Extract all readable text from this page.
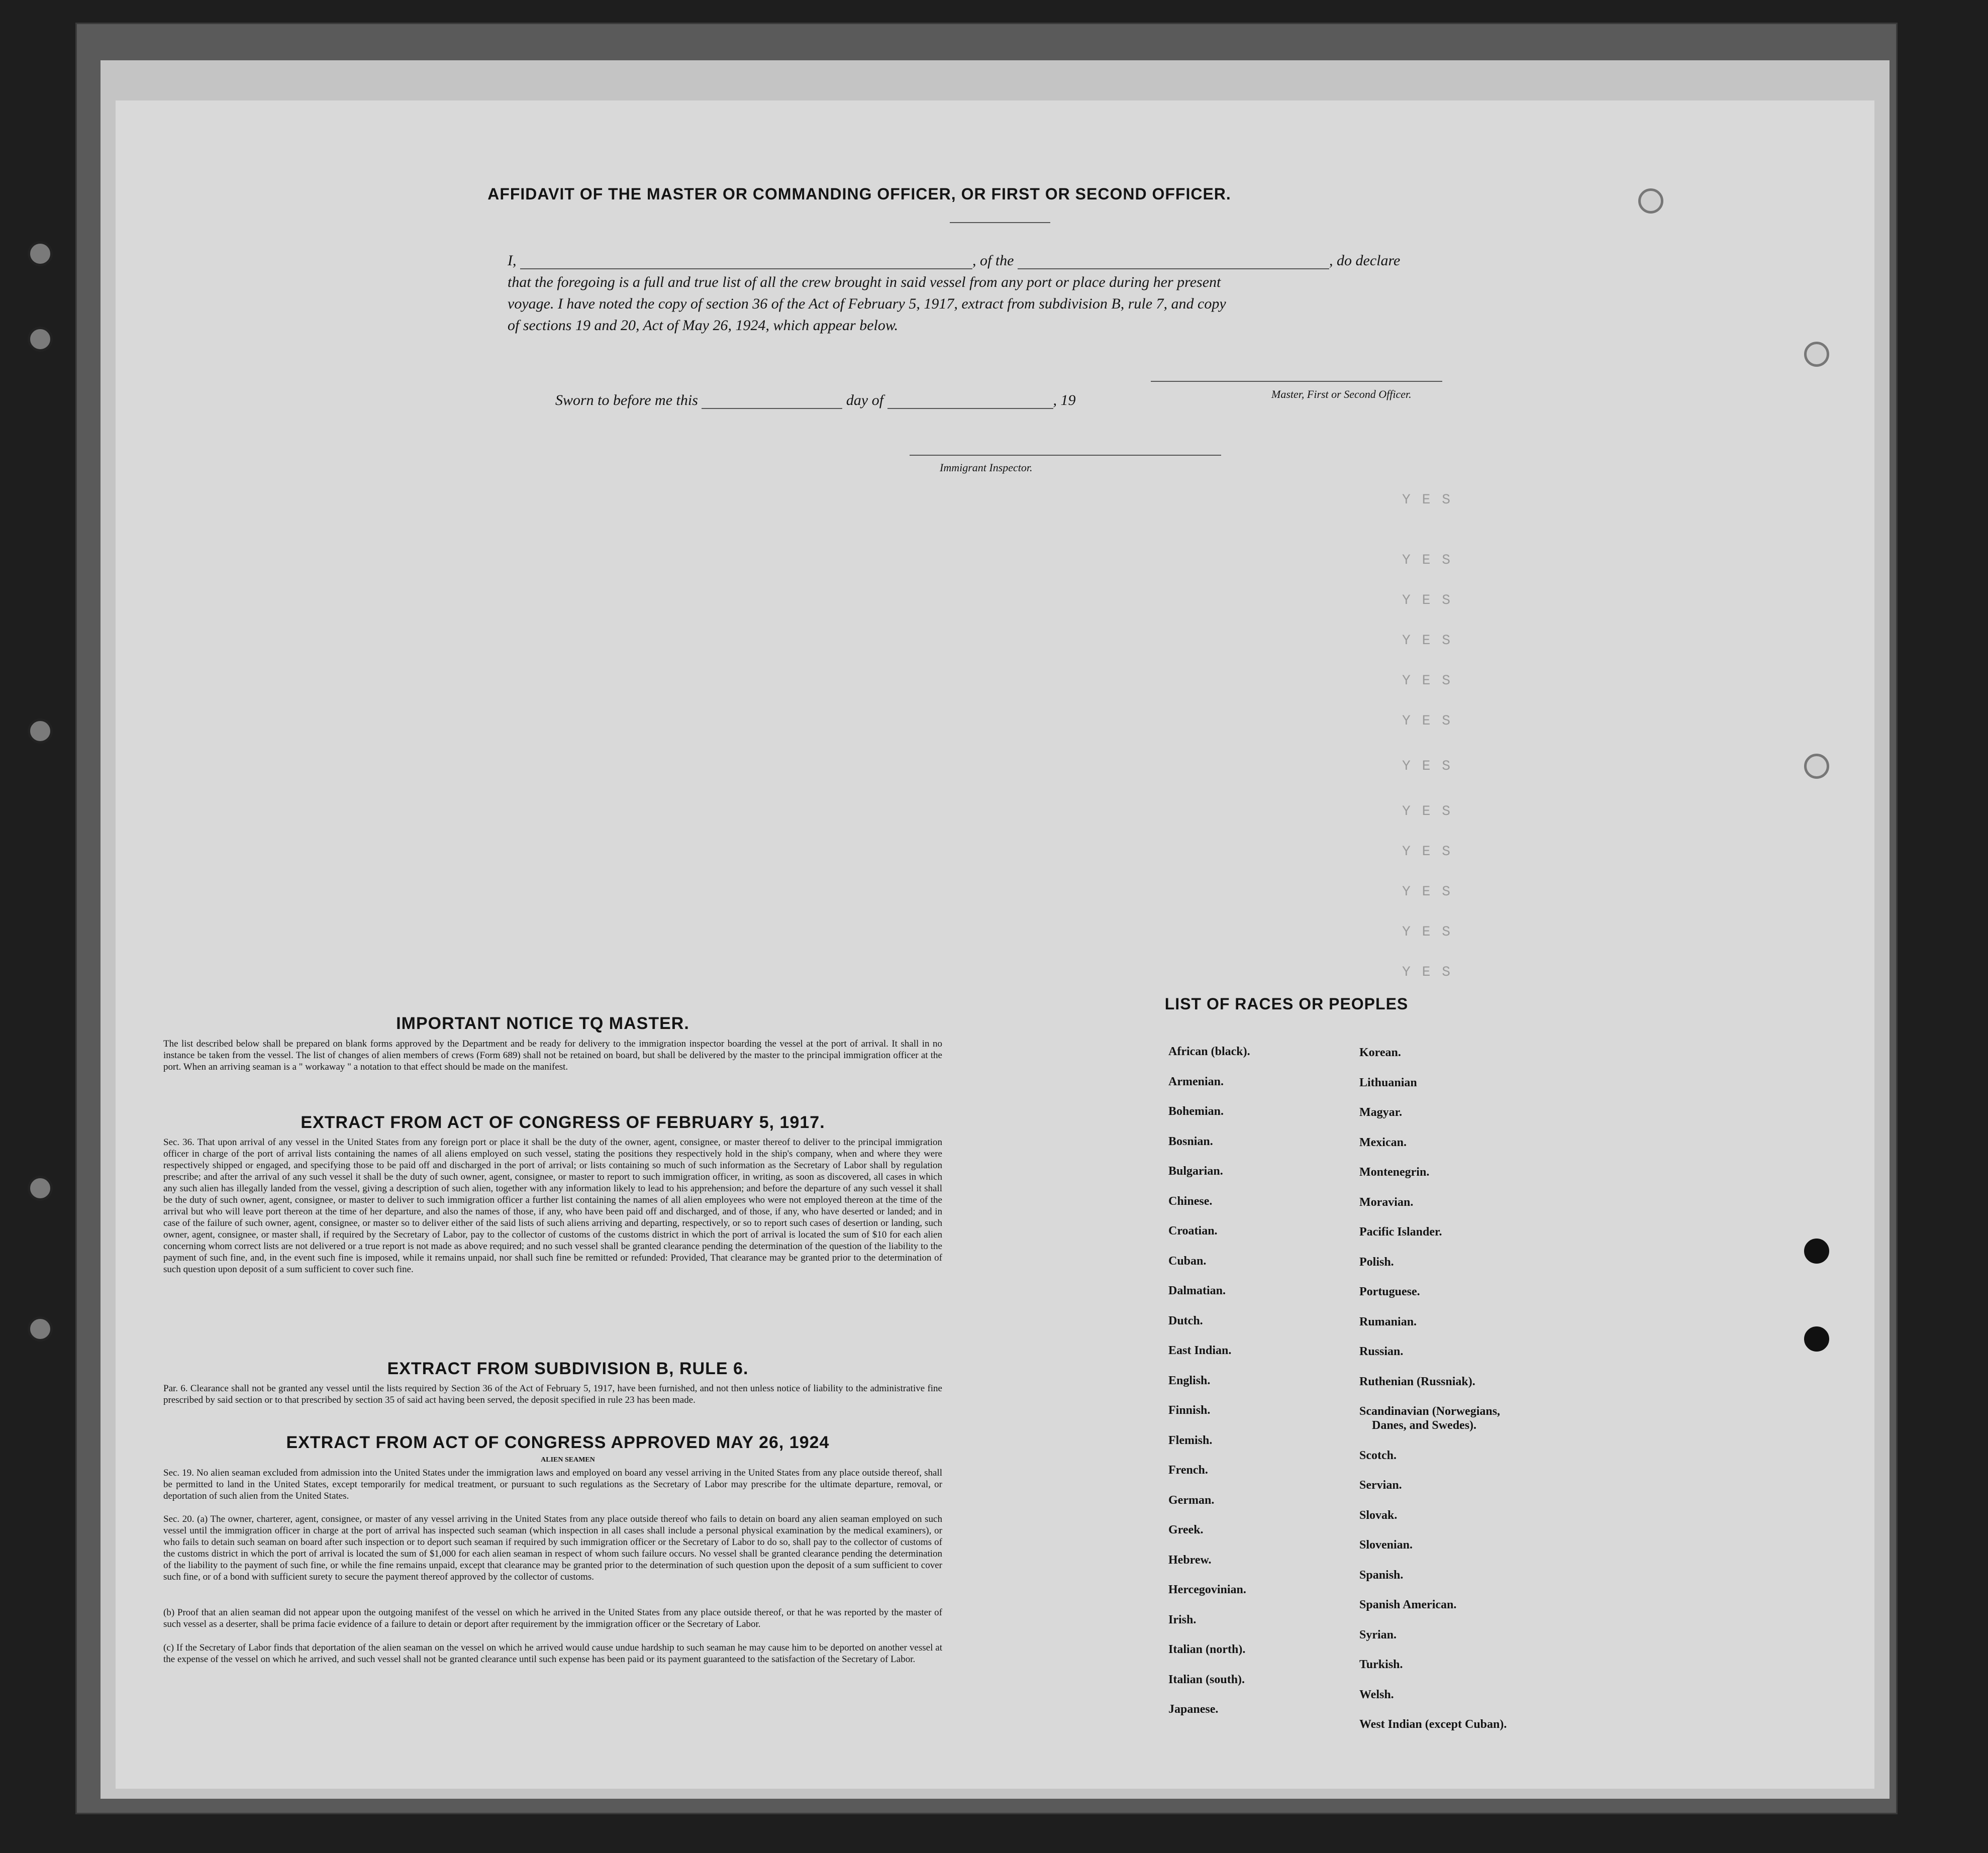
Y E S
Y E S
Y E S
Y E S
Y E S
Y E S
Y E S
Y E S
Y E S
Y E S
Y E S
Y E S
AFFIDAVIT OF THE MASTER OR COMMANDING OFFICER, OR FIRST OR SECOND OFFICER.
I,	, of the	, do declare
that the foregoing is a full and true list of all the crew brought in said vessel from any port or place during her present
voyage. I have noted the copy of section 36 of the Act of February 5, 1917, extract from subdivision B, rule 7, and copy
of sections 19 and 20, Act of May 26, 1924, which appear below.
Master, First or Second Officer.
Sworn to before me this	day of	, 19
Immigrant Inspector.
IMPORTANT NOTICE TQ MASTER.
The list described below shall be prepared on blank forms approved by the Department and be ready for delivery to the immigration inspector boarding the vessel at the port of arrival. It shall in no instance be taken from the vessel. The list of changes of alien members of crews (Form 689) shall not be retained on board, but shall be delivered by the master to the principal immigration officer at the port. When an arriving seaman is a " workaway " a notation to that effect should be made on the manifest.
EXTRACT FROM ACT OF CONGRESS OF FEBRUARY 5, 1917.
Sec. 36. That upon arrival of any vessel in the United States from any foreign port or place it shall be the duty of the owner, agent, consignee, or master thereof to deliver to the principal immigration officer in charge of the port of arrival lists containing the names of all aliens employed on such vessel, stating the positions they respectively hold in the ship's company, when and where they were respectively shipped or engaged, and specifying those to be paid off and discharged in the port of arrival; or lists containing so much of such information as the Secretary of Labor shall by regulation prescribe; and after the arrival of any such vessel it shall be the duty of such owner, agent, consignee, or master to report to such immigration officer, in writing, as soon as discovered, all cases in which any such alien has illegally landed from the vessel, giving a description of such alien, together with any information likely to lead to his apprehension; and before the departure of any such vessel it shall be the duty of such owner, agent, consignee, or master to deliver to such immigration officer a further list containing the names of all alien employees who were not employed thereon at the time of the arrival but who will leave port thereon at the time of her departure, and also the names of those, if any, who have been paid off and discharged, and of those, if any, who have deserted or landed; and in case of the failure of such owner, agent, consignee, or master so to deliver either of the said lists of such aliens arriving and departing, respectively, or so to report such cases of desertion or landing, such owner, agent, consignee, or master shall, if required by the Secretary of Labor, pay to the collector of customs of the customs district in which the port of arrival is located the sum of $10 for each alien concerning whom correct lists are not delivered or a true report is not made as above required; and no such vessel shall be granted clearance pending the determination of the question of the liability to the payment of such fine, and, in the event such fine is imposed, while it remains unpaid, nor shall such fine be remitted or refunded: Provided, That clearance may be granted prior to the determination of such question upon deposit of a sum sufficient to cover such fine.
EXTRACT FROM SUBDIVISION B, RULE 6.
Par. 6. Clearance shall not be granted any vessel until the lists required by Section 36 of the Act of February 5, 1917, have been furnished, and not then unless notice of liability to the administrative fine prescribed by said section or to that prescribed by section 35 of said act having been served, the deposit specified in rule 23 has been made.
EXTRACT FROM ACT OF CONGRESS APPROVED MAY 26, 1924
ALIEN SEAMEN
Sec. 19. No alien seaman excluded from admission into the United States under the immigration laws and employed on board any vessel arriving in the United States from any place outside thereof, shall be permitted to land in the United States, except temporarily for medical treatment, or pursuant to such regulations as the Secretary of Labor may prescribe for the ultimate departure, removal, or deportation of such alien from the United States.
Sec. 20. (a) The owner, charterer, agent, consignee, or master of any vessel arriving in the United States from any place outside thereof who fails to detain on board any alien seaman employed on such vessel until the immigration officer in charge at the port of arrival has inspected such seaman (which inspection in all cases shall include a personal physical examination by the medical examiners), or who fails to detain such seaman on board after such inspection or to deport such seaman if required by such immigration officer or the Secretary of Labor to do so, shall pay to the collector of customs of the customs district in which the port of arrival is located the sum of $1,000 for each alien seaman in respect of whom such failure occurs. No vessel shall be granted clearance pending the determination of the liability to the payment of such fine, or while the fine remains unpaid, except that clearance may be granted prior to the determination of such question upon the deposit of a sum sufficient to cover such fine, or of a bond with sufficient surety to secure the payment thereof approved by the collector of customs.
(b) Proof that an alien seaman did not appear upon the outgoing manifest of the vessel on which he arrived in the United States from any place outside thereof, or that he was reported by the master of such vessel as a deserter, shall be prima facie evidence of a failure to detain or deport after requirement by the immigration officer or the Secretary of Labor.
(c) If the Secretary of Labor finds that deportation of the alien seaman on the vessel on which he arrived would cause undue hardship to such seaman he may cause him to be deported on another vessel at the expense of the vessel on which he arrived, and such vessel shall not be granted clearance until such expense has been paid or its payment guaranteed to the satisfaction of the Secretary of Labor.
LIST OF RACES OR PEOPLES
African (black).
Armenian.
Bohemian.
Bosnian.
Bulgarian.
Chinese.
Croatian.
Cuban.
Dalmatian.
Dutch.
East Indian.
English.
Finnish.
Flemish.
French.
German.
Greek.
Hebrew.
Hercegovinian.
Irish.
Italian (north).
Italian (south).
Japanese.
Korean.
Lithuanian
Magyar.
Mexican.
Montenegrin.
Moravian.
Pacific Islander.
Polish.
Portuguese.
Rumanian.
Russian.
Ruthenian (Russniak).
Scandinavian (Norwegians,
Danes, and Swedes).
Scotch.
Servian.
Slovak.
Slovenian.
Spanish.
Spanish American.
Syrian.
Turkish.
Welsh.
West Indian (except Cuban).
